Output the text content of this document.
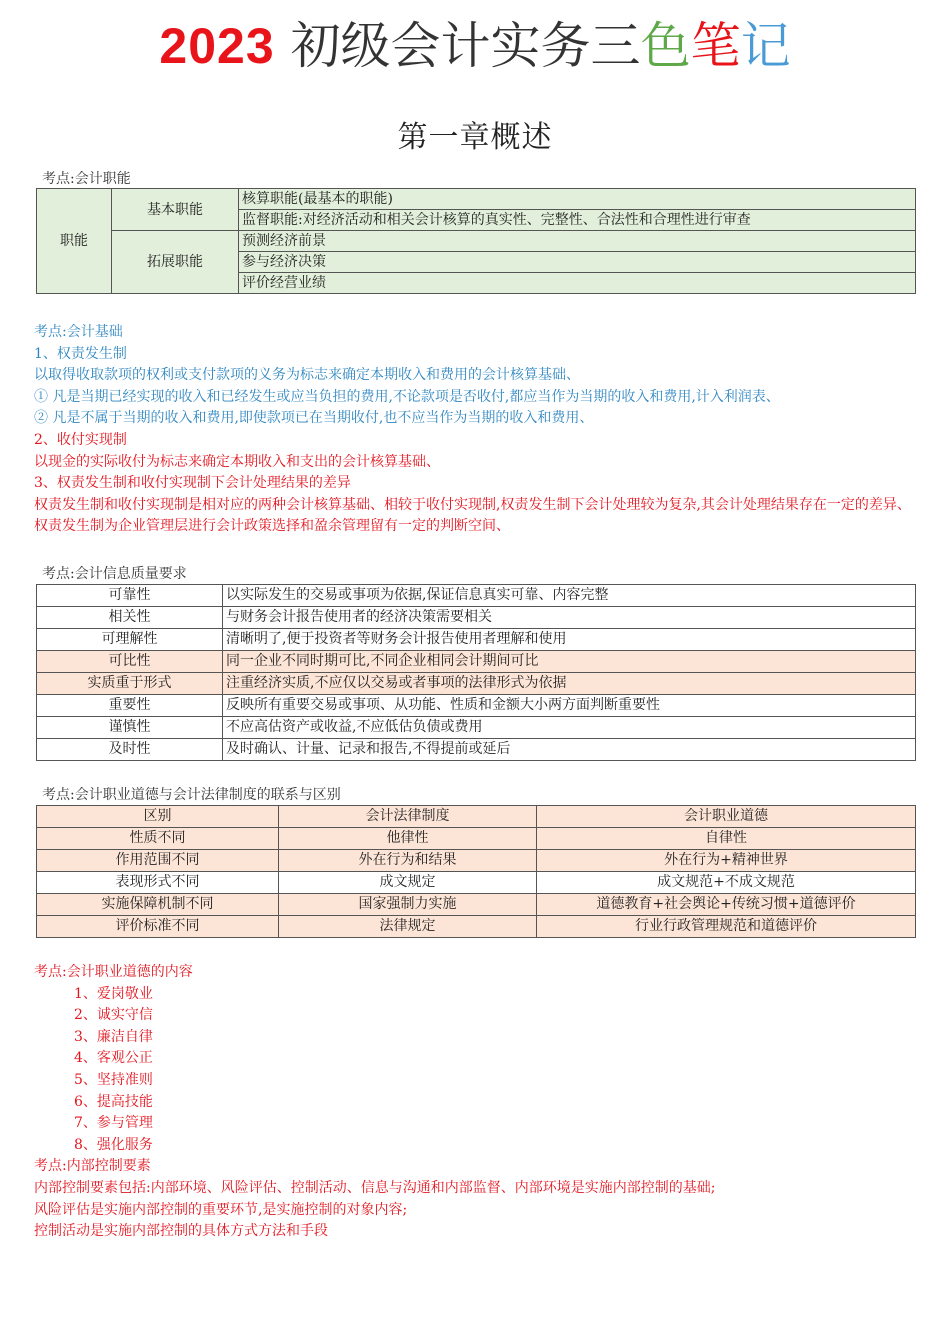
2023 初级会计实务三色笔记
第一章概述
考点:会计职能
职能	基本职能	核算职能(最基本的职能)
		监督职能:对经济活动和相关会计核算的真实性、完整性、合法性和合理性进行审查
	拓展职能	预测经济前景
		参与经济决策
		评价经营业绩
考点:会计基础
1、权责发生制
以取得收取款项的权利或支付款项的义务为标志来确定本期收入和费用的会计核算基础、
① 凡是当期已经实现的收入和已经发生或应当负担的费用,不论款项是否收付,都应当作为当期的收入和费用,计入利润表、
② 凡是不属于当期的收入和费用,即使款项已在当期收付,也不应当作为当期的收入和费用、
2、收付实现制
以现金的实际收付为标志来确定本期收入和支出的会计核算基础、
3、权责发生制和收付实现制下会计处理结果的差异
权责发生制和收付实现制是相对应的两种会计核算基础、相较于收付实现制,权责发生制下会计处理较为复杂,其会计处理结果存在一定的差异、权责发生制为企业管理层进行会计政策选择和盈余管理留有一定的判断空间、
考点:会计信息质量要求
可靠性	以实际发生的交易或事项为依据,保证信息真实可靠、内容完整
相关性	与财务会计报告使用者的经济决策需要相关
可理解性	清晰明了,便于投资者等财务会计报告使用者理解和使用
可比性	同一企业不同时期可比,不同企业相同会计期间可比
实质重于形式	注重经济实质,不应仅以交易或者事项的法律形式为依据
重要性	反映所有重要交易或事项、从功能、性质和金额大小两方面判断重要性
谨慎性	不应高估资产或收益,不应低估负债或费用
及时性	及时确认、计量、记录和报告,不得提前或延后
考点:会计职业道德与会计法律制度的联系与区别
区别	会计法律制度	会计职业道德
性质不同	他律性	自律性
作用范围不同	外在行为和结果	外在行为+精神世界
表现形式不同	成文规定	成文规范+不成文规范
实施保障机制不同	国家强制力实施	道德教育+社会舆论+传统习惯+道德评价
评价标准不同	法律规定	行业行政管理规范和道德评价
考点:会计职业道德的内容
1、爱岗敬业
2、诚实守信
3、廉洁自律
4、客观公正
5、坚持准则
6、提高技能
7、参与管理
8、强化服务
考点:内部控制要素
内部控制要素包括:内部环境、风险评估、控制活动、信息与沟通和内部监督、内部环境是实施内部控制的基础;
风险评估是实施内部控制的重要环节,是实施控制的对象内容;
控制活动是实施内部控制的具体方式方法和手段
